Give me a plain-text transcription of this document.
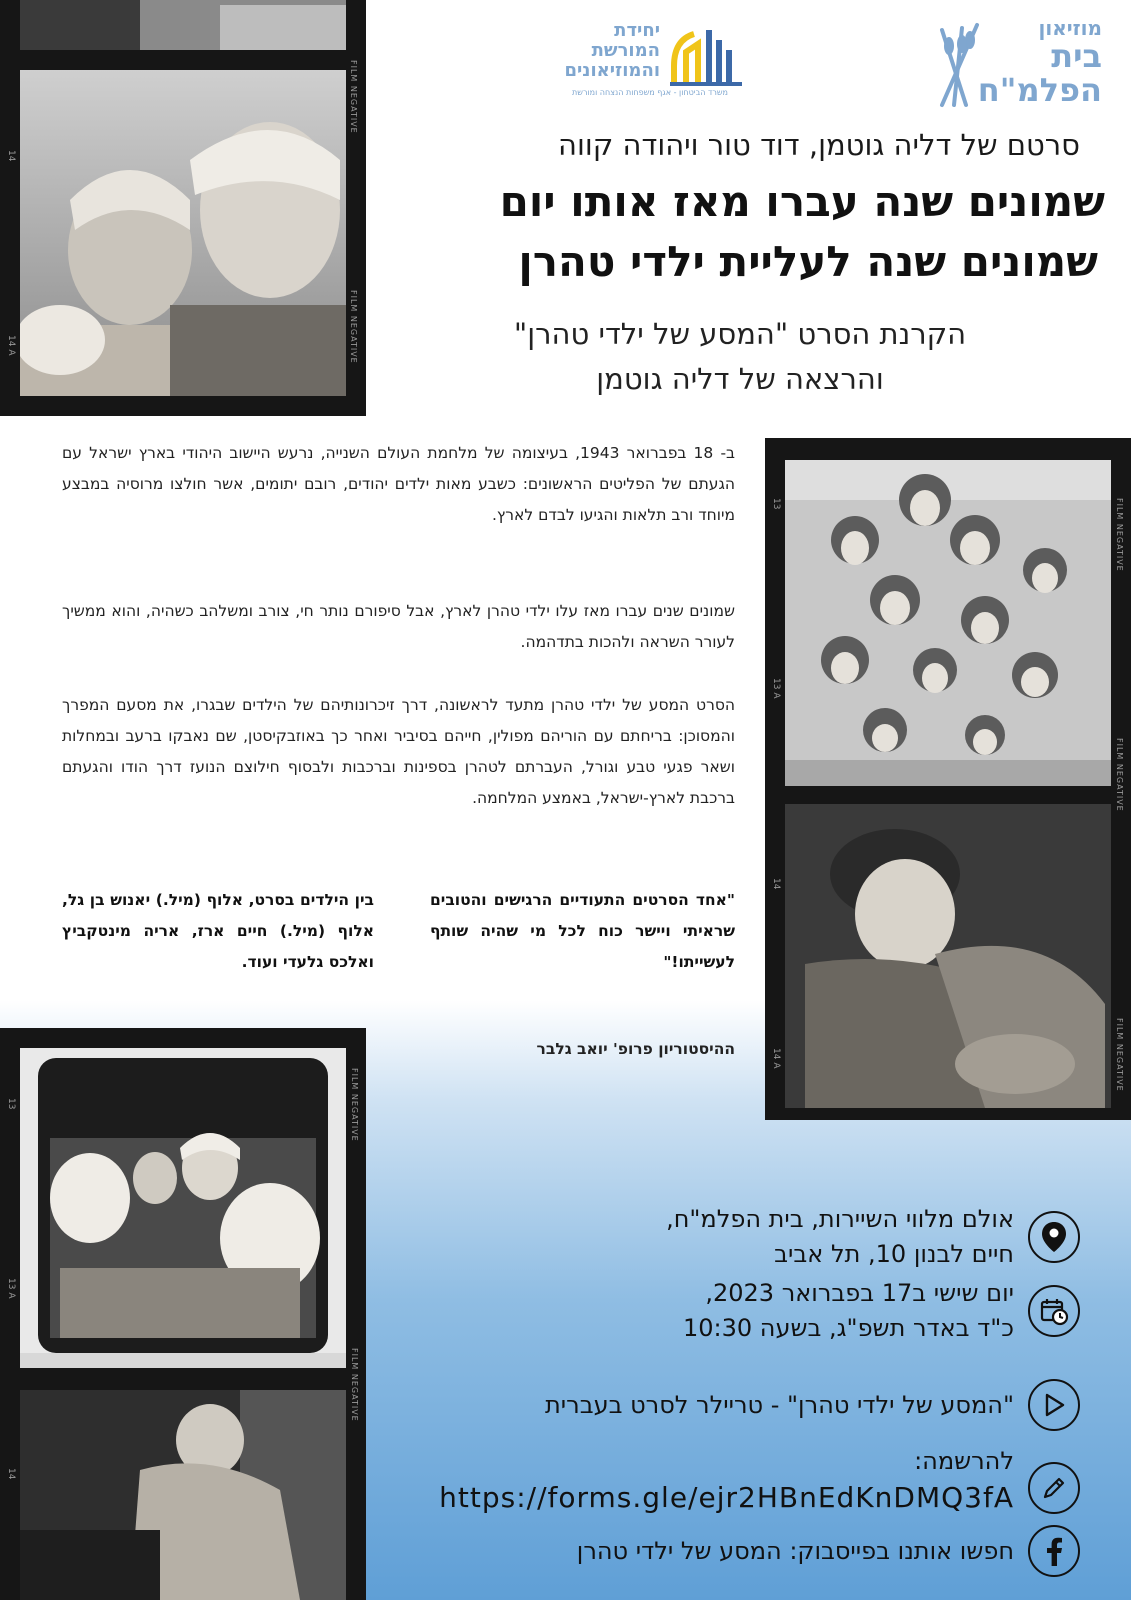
FILM NEGATIVE
FILM NEGATIVE
14
14 A
מוזיאון
בית
הפלמ"ח
יחידת
המורשת
והמוזיאונים
משרד הביטחון - אגף משפחות הנצחה ומורשת
סרטם של דליה גוטמן, דוד טור ויהודה קווה
שמונים שנה עברו מאז אותו יום
שמונים שנה לעליית ילדי טהרן
הקרנת הסרט "המסע של ילדי טהרן"
והרצאה של דליה גוטמן
ב- 18 בפברואר 1943, בעיצומה של מלחמת העולם השנייה, נרעש היישוב היהודי בארץ ישראל עם הגעתם של הפליטים הראשונים: כשבע מאות ילדים יהודים, רובם יתומים, אשר חולצו מרוסיה במבצע מיוחד ורב תלאות והגיעו לבדם לארץ.
שמונים שנים עברו מאז עלו ילדי טהרן לארץ, אבל סיפורם נותר חי, צורב ומשלהב כשהיה, והוא ממשיך לעורר השראה ולהכות בתדהמה.
הסרט המסע של ילדי טהרן מתעד לראשונה, דרך זיכרונותיהם של הילדים שבגרו, את מסעם המפרך והמסוכן: בריחתם עם הוריהם מפולין, חייהם בסיביר ואחר כך באוזבקיסטן, שם נאבקו ברעב ובמחלות ושאר פגעי טבע וגורל, העברתם לטהרן בספינות וברכבות ולבסוף חילוצם הנועז דרך הודו והגעתם ברכבת לארץ-ישראל, באמצע המלחמה.
"אחד הסרטים התעודיים הרגישים והטובים שראיתי ויישר כוח לכל מי שהיה שותף לעשייתו!"
ההיסטוריון פרופ' יואב גלבר
בין הילדים בסרט, אלוף (מיל.) יאנוש בן גל, אלוף (מיל.) חיים ארז, אריה מינטקביץ ואלכס גלעדי ועוד.
FILM NEGATIVE
FILM NEGATIVE
FILM NEGATIVE
13
13 A
14
14 A
FILM NEGATIVE
FILM NEGATIVE
13
13 A
14
אולם מלווי השיירות, בית הפלמ"ח,
חיים לבנון 10, תל אביב
יום שישי ב17 בפברואר 2023,
כ"ד באדר תשפ"ג, בשעה 10:30
"המסע של ילדי טהרן" - טריילר לסרט בעברית
להרשמה:
https://forms.gle/ejr2HBnEdKnDMQ3fA
חפשו אותנו בפייסבוק: המסע של ילדי טהרן
